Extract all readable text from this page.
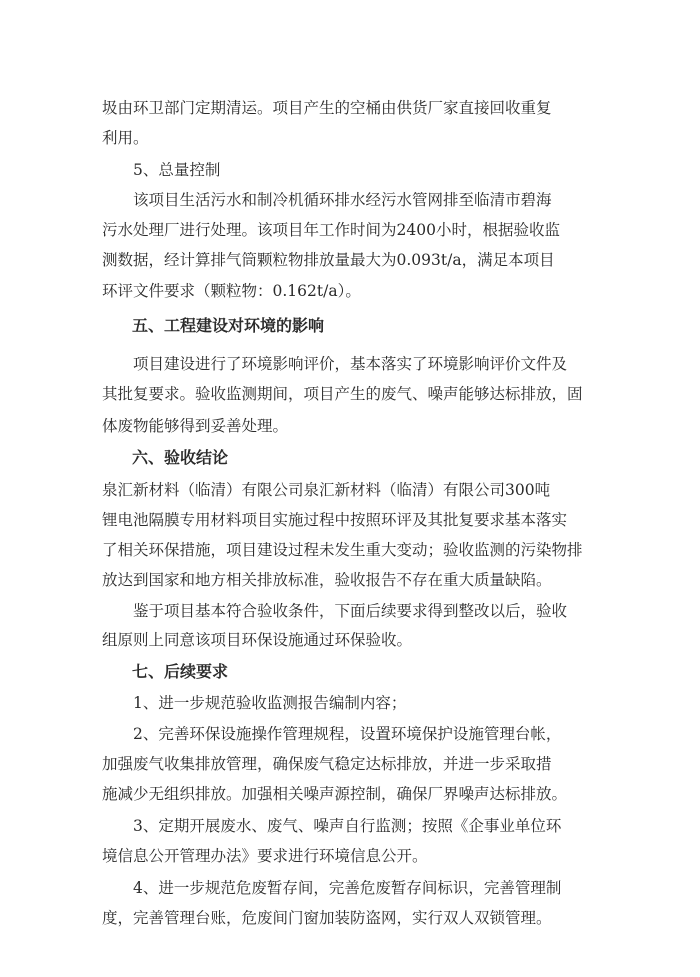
圾由环卫部门定期清运。项目产生的空桶由供货厂家直接回收重复
利用。
5、总量控制
该项目生活污水和制冷机循环排水经污水管网排至临清市碧海
污水处理厂进行处理。该项目年工作时间为2400小时，根据验收监
测数据，经计算排气筒颗粒物排放量最大为0.093t/a，满足本项目
环评文件要求（颗粒物：0.162t/a）。
五、工程建设对环境的影响
项目建设进行了环境影响评价，基本落实了环境影响评价文件及
其批复要求。验收监测期间，项目产生的废气、噪声能够达标排放，固
体废物能够得到妥善处理。
六、验收结论
泉汇新材料（临清）有限公司泉汇新材料（临清）有限公司300吨
锂电池隔膜专用材料项目实施过程中按照环评及其批复要求基本落实
了相关环保措施，项目建设过程未发生重大变动；验收监测的污染物排
放达到国家和地方相关排放标准，验收报告不存在重大质量缺陷。
鉴于项目基本符合验收条件，下面后续要求得到整改以后，验收
组原则上同意该项目环保设施通过环保验收。
七、后续要求
1、进一步规范验收监测报告编制内容；
2、完善环保设施操作管理规程，设置环境保护设施管理台帐，
加强废气收集排放管理，确保废气稳定达标排放，并进一步采取措
施减少无组织排放。加强相关噪声源控制，确保厂界噪声达标排放。
3、定期开展废水、废气、噪声自行监测；按照《企事业单位环
境信息公开管理办法》要求进行环境信息公开。
4、进一步规范危废暂存间，完善危废暂存间标识，完善管理制
度，完善管理台账，危废间门窗加装防盗网，实行双人双锁管理。
